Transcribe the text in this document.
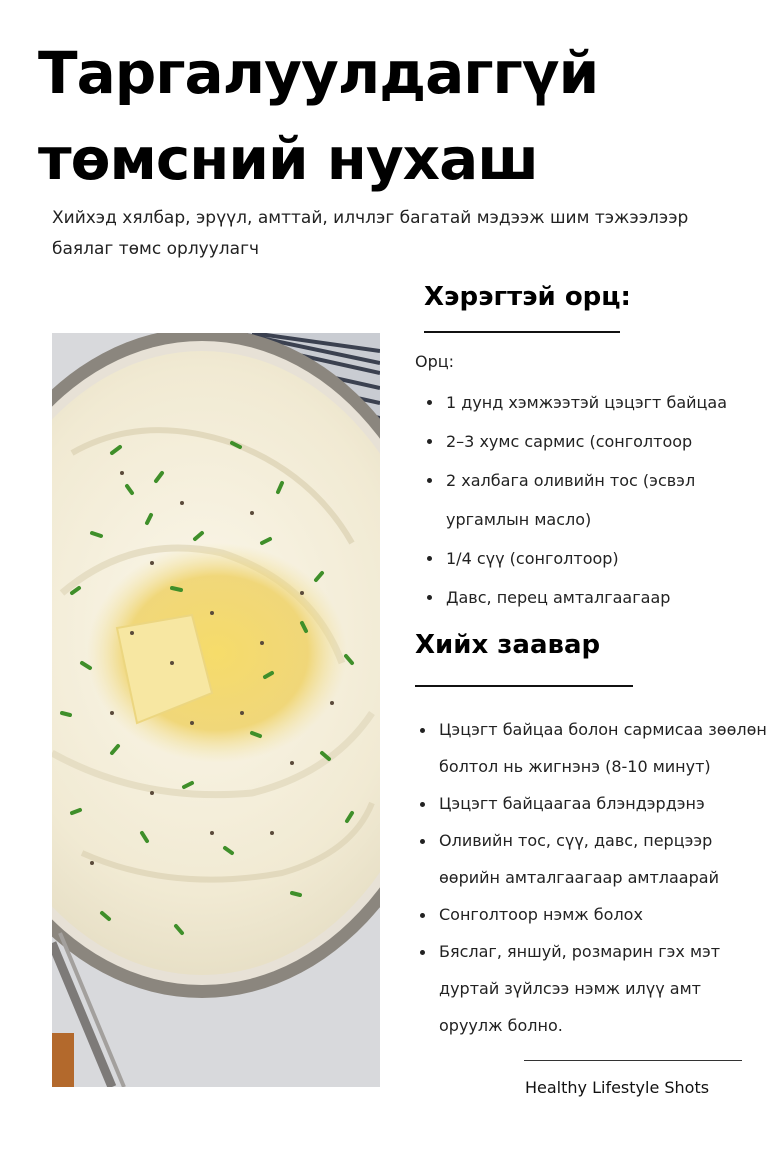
Таргалуулдаггүй
төмсний нухаш

Хийхэд хялбар, эрүүл, амттай, илчлэг багатай мэдээж шим тэжээлээр баялаг төмс орлуулагч

Хэрэгтэй орц:
Орц:
1 дунд хэмжээтэй цэцэгт байцаа
2–3 хумс сармис (сонголтоор
2 халбага оливийн тос (эсвэл ургамлын масло)
1/4 сүү (сонголтоор)
Давс, перец амталгаагаар
Хийх заавар
Цэцэгт байцаа болон сармисаа зөөлөн болтол нь жигнэнэ (8-10 минут)
Цэцэгт байцаагаа блэндэрдэнэ
Оливийн тос, сүү, давс, перцээр өөрийн амталгаагаар амтлаарай
Сонголтоор нэмж болох
Бяслаг, яншуй, розмарин гэх мэт дуртай зүйлсээ нэмж илүү амт оруулж болно.
Healthy Lifestyle Shots
